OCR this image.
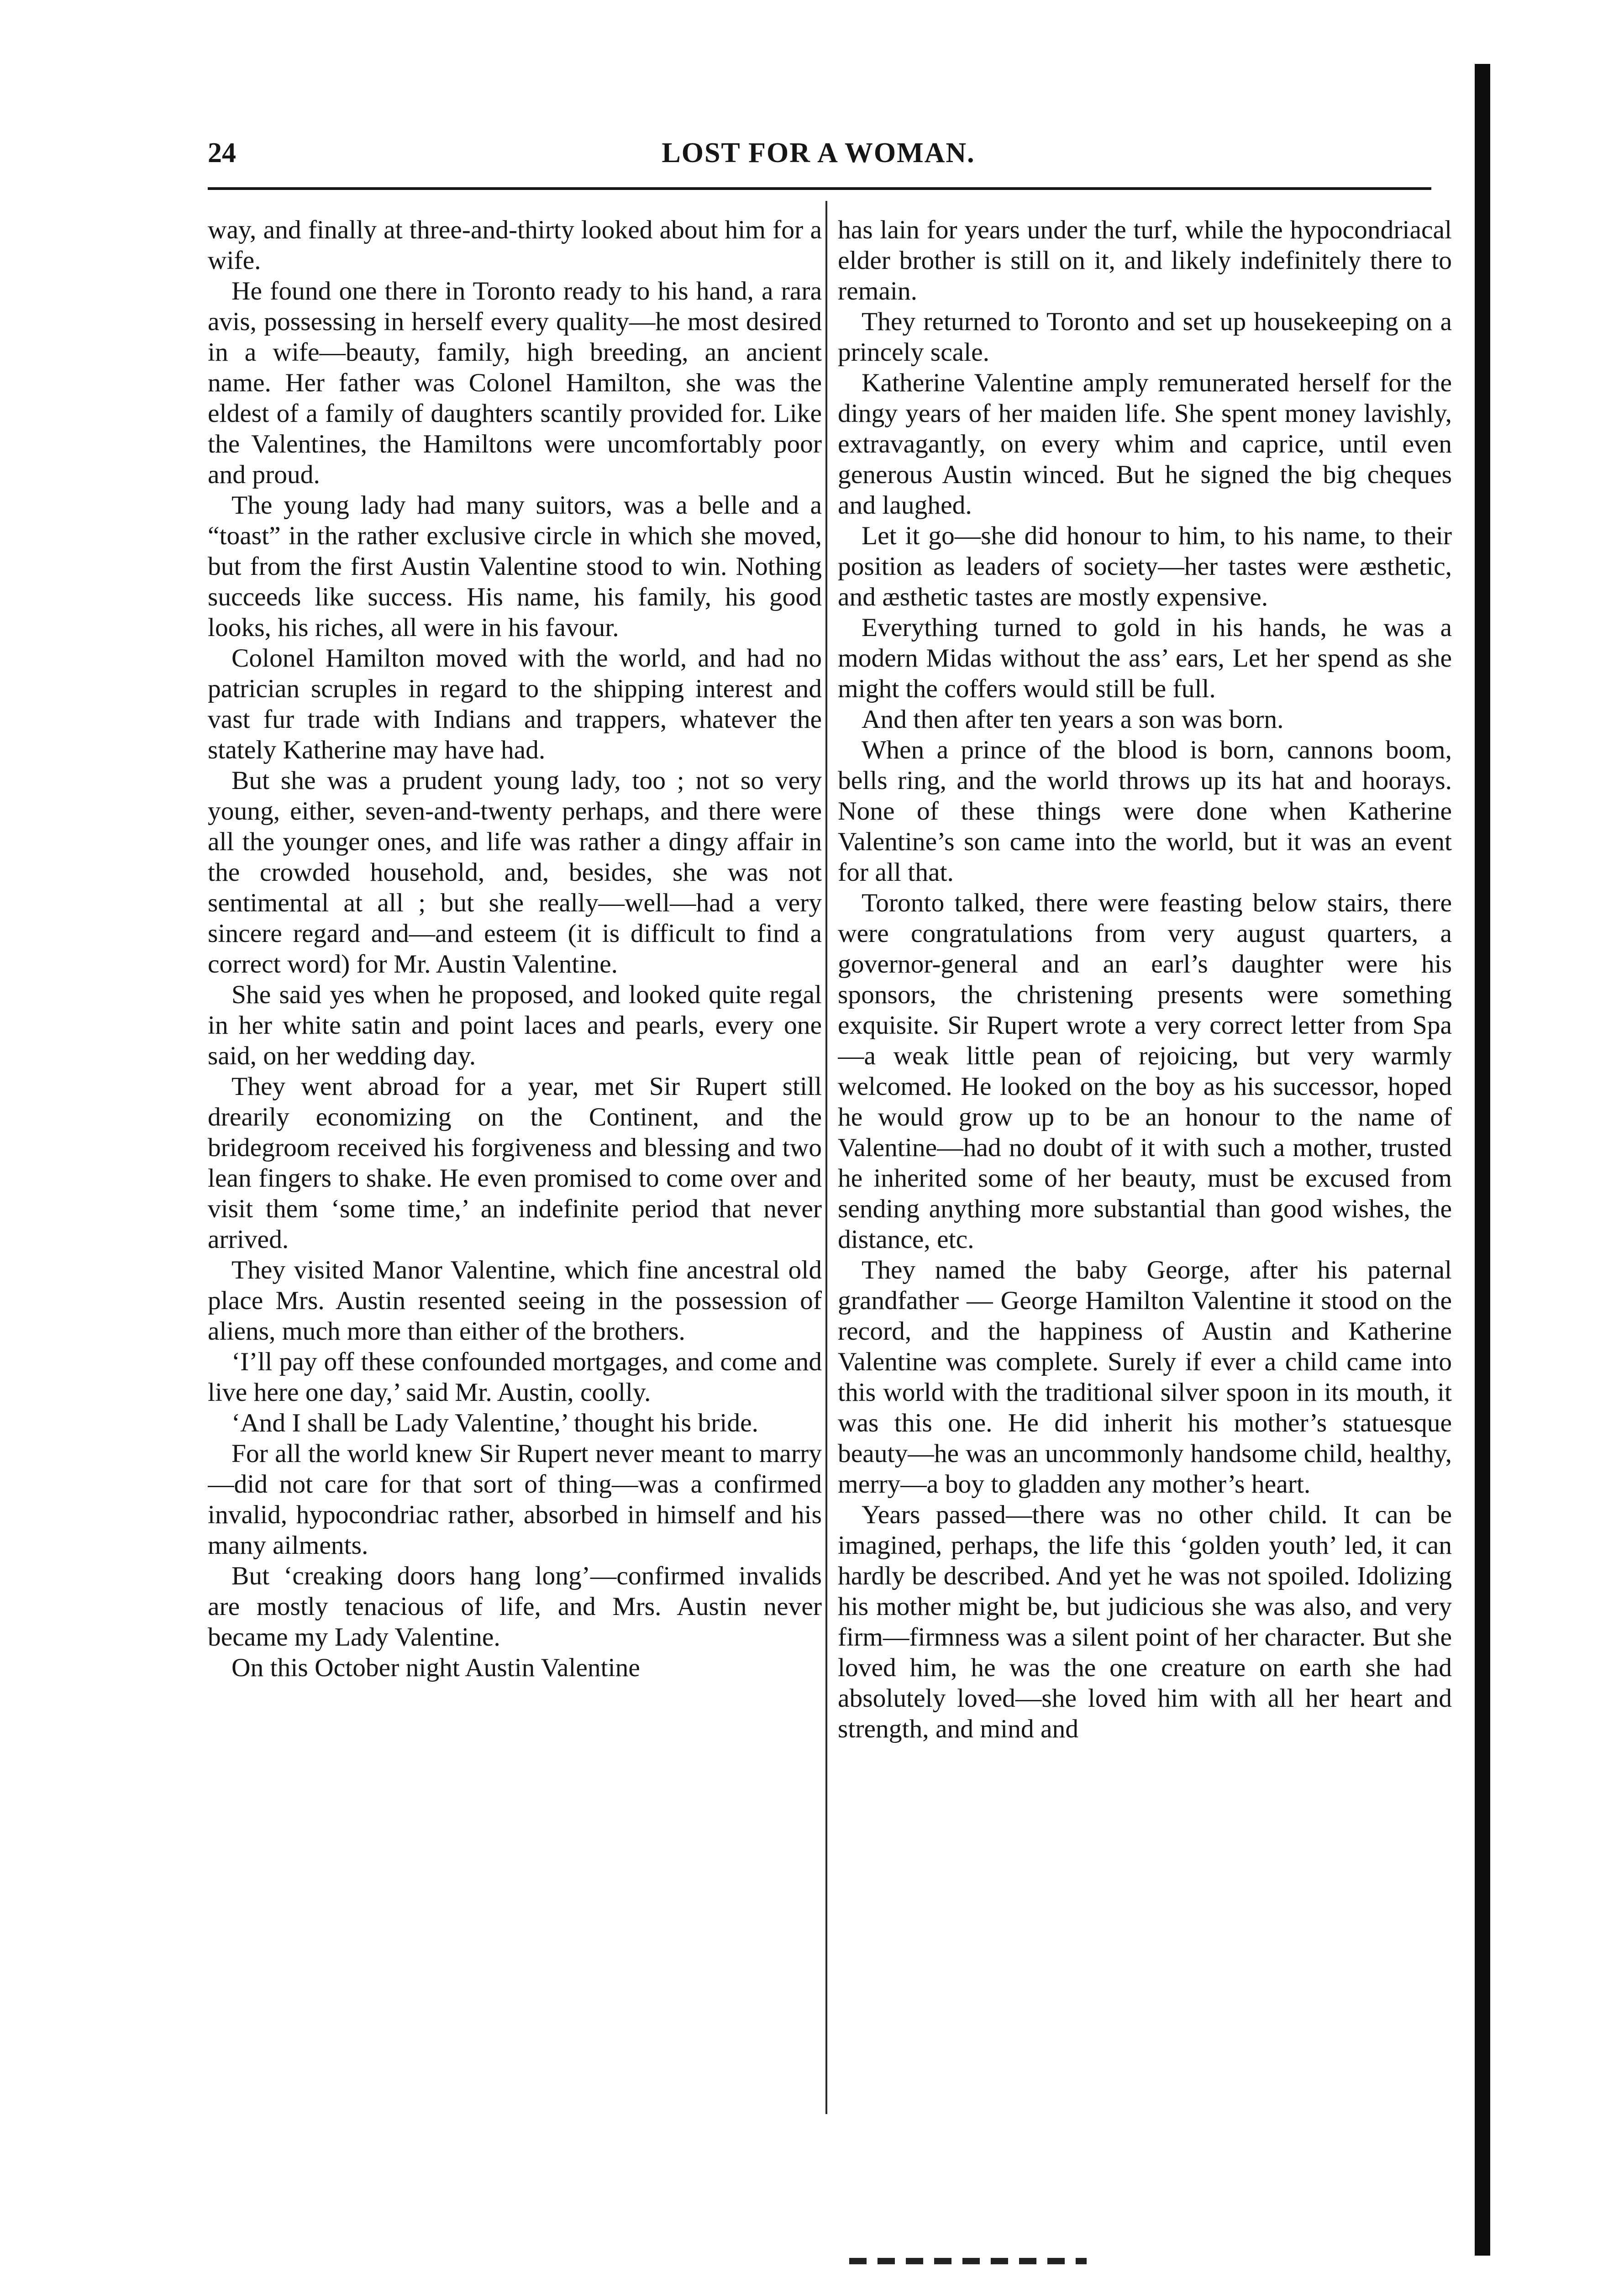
24	LOST FOR A WOMAN.

way, and finally at three-and-thirty looked about him for a wife.

He found one there in Toronto ready to his hand, a rara avis, possessing in herself every quality—he most desired in a wife—beauty, family, high breeding, an ancient name. Her father was Colonel Hamilton, she was the eldest of a family of daughters scantily provided for. Like the Valentines, the Hamiltons were uncomfortably poor and proud.

The young lady had many suitors, was a belle and a “toast” in the rather exclusive circle in which she moved, but from the first Austin Valentine stood to win. Nothing succeeds like success. His name, his family, his good looks, his riches, all were in his favour.

Colonel Hamilton moved with the world, and had no patrician scruples in regard to the shipping interest and vast fur trade with Indians and trappers, whatever the stately Katherine may have had.

But she was a prudent young lady, too ; not so very young, either, seven-and-twenty perhaps, and there were all the younger ones, and life was rather a dingy affair in the crowded household, and, besides, she was not sentimental at all ; but she really—well—had a very sincere regard and—and esteem (it is difficult to find a correct word) for Mr. Austin Valentine.

She said yes when he proposed, and looked quite regal in her white satin and point laces and pearls, every one said, on her wedding day.

They went abroad for a year, met Sir Rupert still drearily economizing on the Continent, and the bridegroom received his forgiveness and blessing and two lean fingers to shake. He even promised to come over and visit them ‘some time,’ an indefinite period that never arrived.

They visited Manor Valentine, which fine ancestral old place Mrs. Austin resented seeing in the possession of aliens, much more than either of the brothers.

‘I’ll pay off these confounded mortgages, and come and live here one day,’ said Mr. Austin, coolly.

‘And I shall be Lady Valentine,’ thought his bride.

For all the world knew Sir Rupert never meant to marry—did not care for that sort of thing—was a confirmed invalid, hypocondriac rather, absorbed in himself and his many ailments.

But ‘creaking doors hang long’—confirmed invalids are mostly tenacious of life, and Mrs. Austin never became my Lady Valentine.

On this October night Austin Valentine

has lain for years under the turf, while the hypocondriacal elder brother is still on it, and likely indefinitely there to remain.

They returned to Toronto and set up housekeeping on a princely scale.

Katherine Valentine amply remunerated herself for the dingy years of her maiden life. She spent money lavishly, extravagantly, on every whim and caprice, until even generous Austin winced. But he signed the big cheques and laughed.

Let it go—she did honour to him, to his name, to their position as leaders of society—her tastes were æsthetic, and æsthetic tastes are mostly expensive.

Everything turned to gold in his hands, he was a modern Midas without the ass’ ears, Let her spend as she might the coffers would still be full.

And then after ten years a son was born.

When a prince of the blood is born, cannons boom, bells ring, and the world throws up its hat and hoorays. None of these things were done when Katherine Valentine’s son came into the world, but it was an event for all that.

Toronto talked, there were feasting below stairs, there were congratulations from very august quarters, a governor-general and an earl’s daughter were his sponsors, the christening presents were something exquisite. Sir Rupert wrote a very correct letter from Spa—a weak little pean of rejoicing, but very warmly welcomed. He looked on the boy as his successor, hoped he would grow up to be an honour to the name of Valentine—had no doubt of it with such a mother, trusted he inherited some of her beauty, must be excused from sending anything more substantial than good wishes, the distance, etc.

They named the baby George, after his paternal grandfather — George Hamilton Valentine it stood on the record, and the happiness of Austin and Katherine Valentine was complete. Surely if ever a child came into this world with the traditional silver spoon in its mouth, it was this one. He did inherit his mother’s statuesque beauty—he was an uncommonly handsome child, healthy, merry—a boy to gladden any mother’s heart.

Years passed—there was no other child. It can be imagined, perhaps, the life this ‘golden youth’ led, it can hardly be described. And yet he was not spoiled. Idolizing his mother might be, but judicious she was also, and very firm—firmness was a silent point of her character. But she loved him, he was the one creature on earth she had absolutely loved—she loved him with all her heart and strength, and mind and
